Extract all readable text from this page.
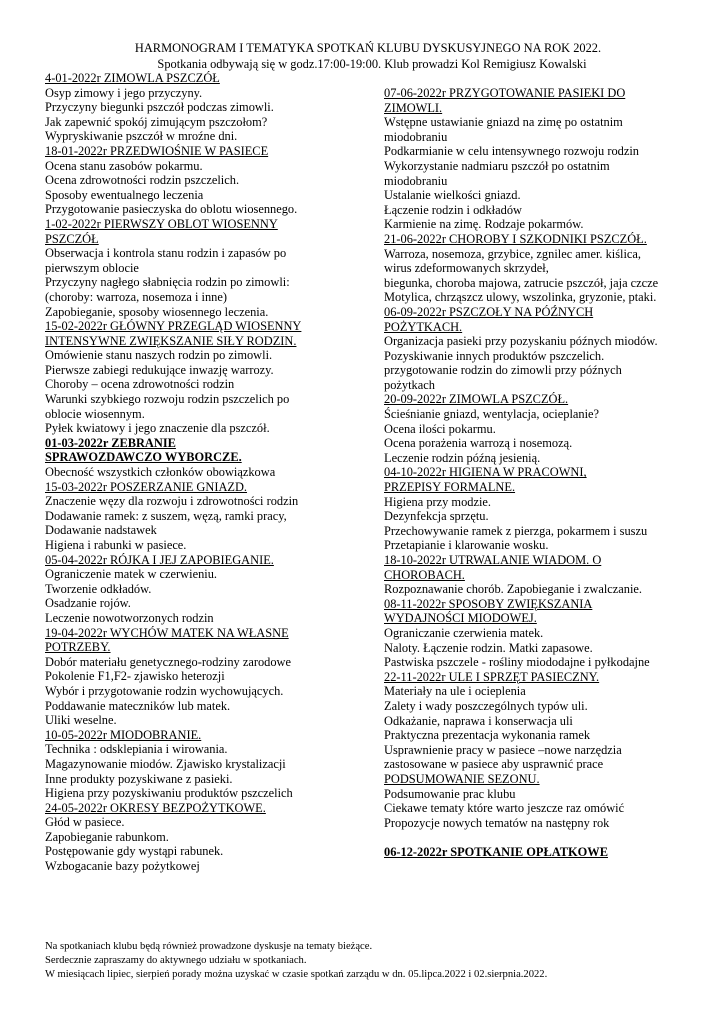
HARMONOGRAM I TEMATYKA SPOTKAŃ KLUBU DYSKUSYJNEGO NA ROK 2022.
Spotkania odbywają się w godz.17:00-19:00. Klub prowadzi Kol Remigiusz Kowalski
4-01-2022r ZIMOWLA PSZCZÓŁ
Osyp zimowy i jego przyczyny.
Przyczyny biegunki pszczół podczas zimowli.
Jak zapewnić spokój zimującym pszczołom?
Wypryskiwanie pszczół w mroźne dni.
18-01-2022r PRZEDWIOŚNIE W PASIECE
Ocena stanu zasobów pokarmu.
Ocena zdrowotności rodzin pszczelich.
Sposoby ewentualnego leczenia
Przygotowanie pasieczyska do oblotu wiosennego.
1-02-2022r PIERWSZY OBLOT WIOSENNY
PSZCZÓŁ
Obserwacja i kontrola stanu rodzin i zapasów po
pierwszym oblocie
Przyczyny nagłego słabnięcia rodzin po zimowli:
(choroby: warroza, nosemoza i inne)
Zapobieganie, sposoby wiosennego leczenia.
15-02-2022r GŁÓWNY PRZEGLĄD WIOSENNY
INTENSYWNE ZWIĘKSZANIE SIŁY RODZIN.
Omówienie stanu naszych rodzin po zimowli.
Pierwsze zabiegi redukujące inwazję warrozy.
Choroby – ocena zdrowotności rodzin
Warunki szybkiego rozwoju rodzin pszczelich po
oblocie wiosennym.
Pyłek kwiatowy i jego znaczenie dla pszczół.
01-03-2022r ZEBRANIE
SPRAWOZDAWCZO WYBORCZE.
Obecność wszystkich członków obowiązkowa
15-03-2022r POSZERZANIE GNIAZD.
Znaczenie węzy dla rozwoju i zdrowotności rodzin
Dodawanie ramek: z suszem, węzą, ramki pracy,
Dodawanie nadstawek
Higiena i rabunki w pasiece.
05-04-2022r RÓJKA I JEJ ZAPOBIEGANIE.
Ograniczenie matek w czerwieniu.
Tworzenie odkładów.
Osadzanie rojów.
Leczenie nowotworzonych rodzin
19-04-2022r WYCHÓW MATEK NA WŁASNE
POTRZEBY.
Dobór materiału genetycznego-rodziny zarodowe
Pokolenie F1,F2- zjawisko heterozji
Wybór i przygotowanie rodzin wychowujących.
Poddawanie mateczników lub matek.
Uliki weselne.
10-05-2022r MIODOBRANIE.
Technika : odsklepiania i wirowania.
Magazynowanie miodów. Zjawisko krystalizacji
Inne produkty pozyskiwane z pasieki.
Higiena przy pozyskiwaniu produktów pszczelich
24-05-2022r OKRESY BEZPOŻYTKOWE.
Głód w pasiece.
Zapobieganie rabunkom.
Postępowanie gdy wystąpi rabunek.
Wzbogacanie bazy pożytkowej
07-06-2022r PRZYGOTOWANIE PASIEKI DO
ZIMOWLI.
Wstępne ustawianie gniazd na zimę po ostatnim
miodobraniu
Podkarmianie w celu intensywnego rozwoju rodzin
Wykorzystanie nadmiaru pszczół po ostatnim
miodobraniu
Ustalanie wielkości gniazd.
Łączenie rodzin i odkładów
Karmienie na zimę. Rodzaje pokarmów.
21-06-2022r CHOROBY I SZKODNIKI PSZCZÓŁ.
Warroza, nosemoza, grzybice, zgnilec amer. kiślica,
wirus zdeformowanych skrzydeł,
biegunka, choroba majowa, zatrucie pszczół, jaja czcze
Motylica, chrząszcz ulowy, wszolinka, gryzonie, ptaki.
06-09-2022r PSZCZOŁY NA PÓŹNYCH
POŻYTKACH.
Organizacja pasieki przy pozyskaniu późnych miodów.
Pozyskiwanie innych produktów pszczelich.
przygotowanie rodzin do zimowli przy późnych
pożytkach
20-09-2022r ZIMOWLA PSZCZÓŁ.
Ścieśnianie gniazd, wentylacja, ocieplanie?
Ocena ilości pokarmu.
Ocena porażenia warrozą i nosemozą.
Leczenie rodzin późną jesienią.
04-10-2022r HIGIENA W PRACOWNI,
PRZEPISY FORMALNE.
Higiena przy modzie.
Dezynfekcja sprzętu.
Przechowywanie ramek z pierzga, pokarmem i suszu
Przetapianie i klarowanie wosku.
18-10-2022r UTRWALANIE WIADOM. O
CHOROBACH.
Rozpoznawanie chorób. Zapobieganie i zwalczanie.
08-11-2022r SPOSOBY ZWIĘKSZANIA
WYDAJNOŚCI MIODOWEJ.
Ograniczanie czerwienia matek.
Naloty. Łączenie rodzin. Matki zapasowe.
Pastwiska pszczele - rośliny miododajne i pyłkodajne
22-11-2022r ULE I SPRZĘT PASIECZNY.
Materiały na ule i ocieplenia
Zalety i wady poszczególnych typów uli.
Odkażanie, naprawa i konserwacja uli
Praktyczna prezentacja wykonania ramek
Usprawnienie pracy w pasiece –nowe narzędzia
zastosowane w pasiece aby usprawnić prace
PODSUMOWANIE SEZONU.
Podsumowanie prac klubu
Ciekawe tematy które warto jeszcze raz omówić
Propozycje nowych tematów na następny rok
06-12-2022r SPOTKANIE OPŁATKOWE
Na spotkaniach klubu będą również prowadzone dyskusje na tematy bieżące.
Serdecznie zapraszamy do aktywnego udziału w spotkaniach.
W miesiącach lipiec, sierpień porady można uzyskać w czasie spotkań zarządu w dn. 05.lipca.2022 i 02.sierpnia.2022.
